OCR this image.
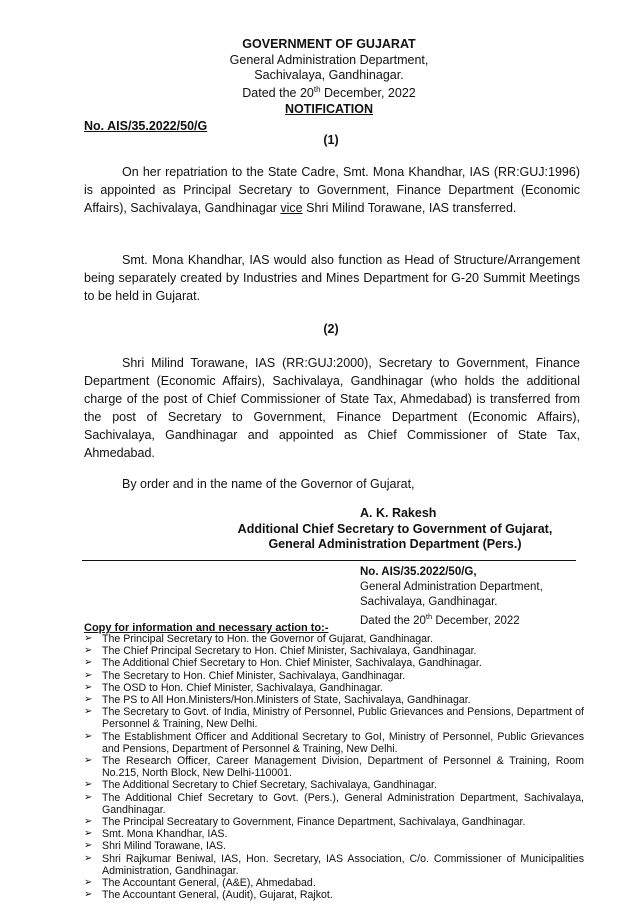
GOVERNMENT OF GUJARAT
General Administration Department,
Sachivalaya, Gandhinagar.
Dated the 20th December, 2022
NOTIFICATION
No. AIS/35.2022/50/G
(1)
On her repatriation to the State Cadre, Smt. Mona Khandhar, IAS (RR:GUJ:1996) is appointed as Principal Secretary to Government, Finance Department (Economic Affairs), Sachivalaya, Gandhinagar vice Shri Milind Torawane, IAS transferred.
Smt. Mona Khandhar, IAS would also function as Head of Structure/Arrangement being separately created by Industries and Mines Department for G-20 Summit Meetings to be held in Gujarat.
(2)
Shri Milind Torawane, IAS (RR:GUJ:2000), Secretary to Government, Finance Department (Economic Affairs), Sachivalaya, Gandhinagar (who holds the additional charge of the post of Chief Commissioner of State Tax, Ahmedabad) is transferred from the post of Secretary to Government, Finance Department (Economic Affairs), Sachivalaya, Gandhinagar and appointed as Chief Commissioner of State Tax, Ahmedabad.
By order and in the name of the Governor of Gujarat,
A. K. Rakesh
Additional Chief Secretary to Government of Gujarat,
General Administration Department (Pers.)
No. AIS/35.2022/50/G,
General Administration Department,
Sachivalaya, Gandhinagar.
Dated the 20th December, 2022
Copy for information and necessary action to:-
➢ The Principal Secretary to Hon. the Governor of Gujarat, Gandhinagar.
➢ The Chief Principal Secretary to Hon. Chief Minister, Sachivalaya, Gandhinagar.
➢ The Additional Chief Secretary to Hon. Chief Minister, Sachivalaya, Gandhinagar.
➢ The Secretary to Hon. Chief Minister, Sachivalaya, Gandhinagar.
➢ The OSD to Hon. Chief Minister, Sachivalaya, Gandhinagar.
➢ The PS to All Hon.Ministers/Hon.Ministers of State, Sachivalaya, Gandhinagar.
➢ The Secretary to Govt. of India, Ministry of Personnel, Public Grievances and Pensions, Department of Personnel & Training, New Delhi.
➢ The Establishment Officer and Additional Secretary to GoI, Ministry of Personnel, Public Grievances and Pensions, Department of Personnel & Training, New Delhi.
➢ The Research Officer, Career Management Division, Department of Personnel & Training, Room No.215, North Block, New Delhi-110001.
➢ The Additional Secretary to Chief Secretary, Sachivalaya, Gandhinagar.
➢ The Additional Chief Secretary to Govt. (Pers.), General Administration Department, Sachivalaya, Gandhinagar.
➢ The Principal Secreatary to Government, Finance Department, Sachivalaya, Gandhinagar.
➢ Smt. Mona Khandhar, IAS.
➢ Shri Milind Torawane, IAS.
➢ Shri Rajkumar Beniwal, IAS, Hon. Secretary, IAS Association, C/o. Commissioner of Municipalities Administration, Gandhinagar.
➢ The Accountant General, (A&E), Ahmedabad.
➢ The Accountant General, (Audit), Gujarat, Rajkot.
